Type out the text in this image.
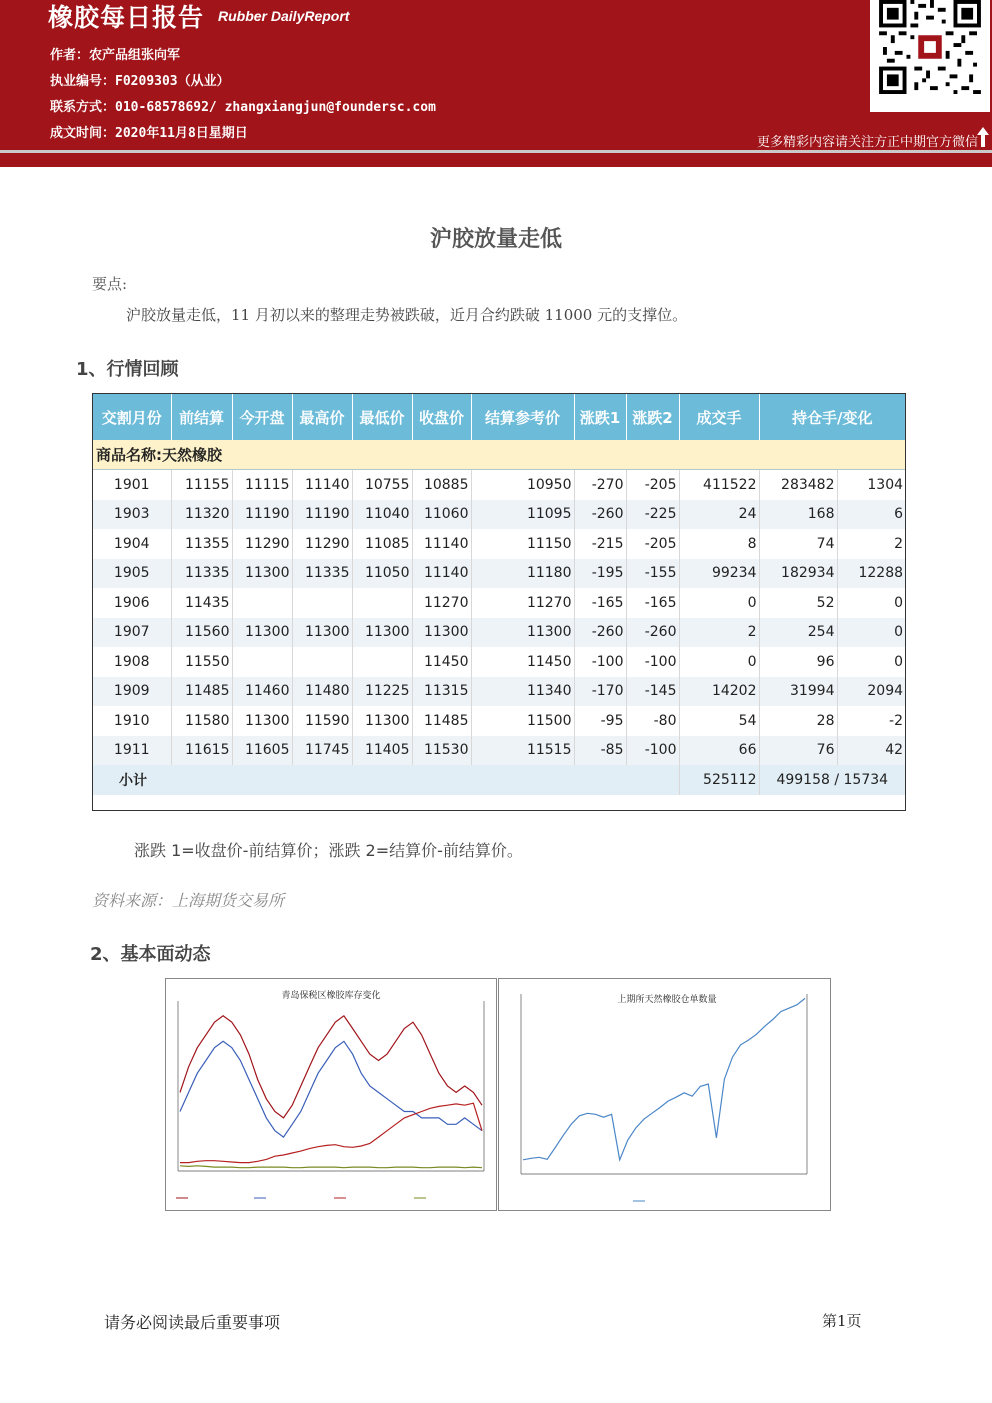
橡胶每日报告 Rubber DailyReport
作者：农产品组张向军
执业编号：F0209303（从业）
联系方式：010-68578692/ zhangxiangjun@foundersc.com
成文时间：2020年11月8日星期日
更多精彩内容请关注方正中期官方微信
沪胶放量走低
要点:
沪胶放量走低，11 月初以来的整理走势被跌破，近月合约跌破 11000 元的支撑位。
1、行情回顾
交割月份	前结算	今开盘	最高价	最低价	收盘价	结算参考价	涨跌1	涨跌2	成交手	持仓手/变化	
商品名称:天然橡胶											
1901	11155	11115	11140	10755	10885	10950	-270	-205	411522	283482	1304
1903	11320	11190	11190	11040	11060	11095	-260	-225	24	168	6
1904	11355	11290	11290	11085	11140	11150	-215	-205	8	74	2
1905	11335	11300	11335	11050	11140	11180	-195	-155	99234	182934	12288
1906	11435				11270	11270	-165	-165	0	52	0
1907	11560	11300	11300	11300	11300	11300	-260	-260	2	254	0
1908	11550				11450	11450	-100	-100	0	96	0
1909	11485	11460	11480	11225	11315	11340	-170	-145	14202	31994	2094
1910	11580	11300	11590	11300	11485	11500	-95	-80	54	28	-2
1911	11615	11605	11745	11405	11530	11515	-85	-100	66	76	42
小计									525112	499158 / 15734	
涨跌 1=收盘价-前结算价；涨跌 2=结算价-前结算价。
资料来源：上海期货交易所
2、基本面动态
青岛保税区橡胶库存变化	上期所天然橡胶仓单数量
请务必阅读最后重要事项	第1页
